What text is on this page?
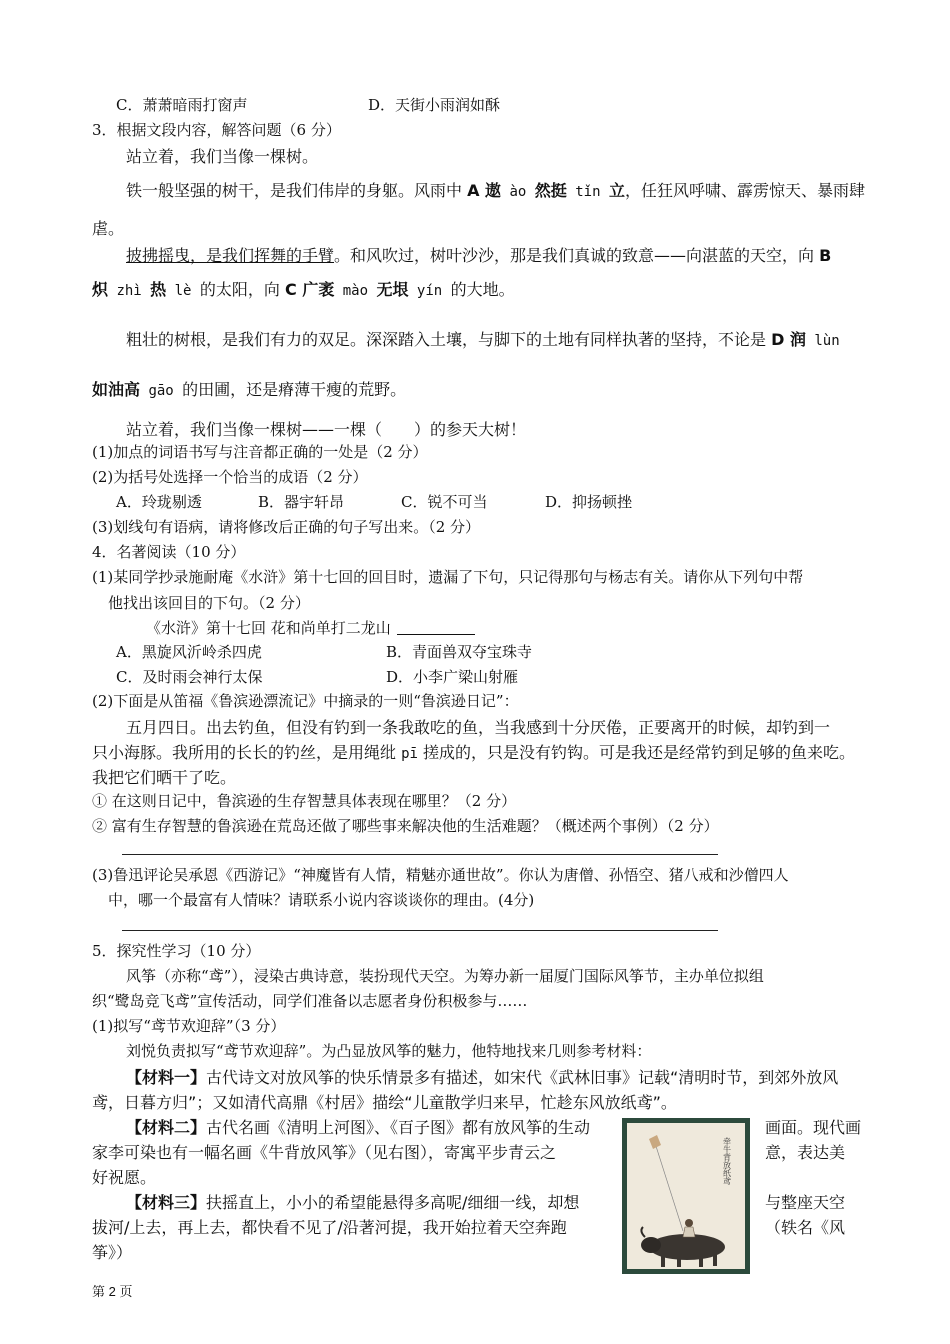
C．萧萧暗雨打窗声	D．天街小雨润如酥
3．根据文段内容，解答问题（6 分）
站立着，我们当像一棵树。
铁一般坚强的树干，是我们伟岸的身躯。风雨中 A 遨 ào 然挺 tǐn 立，任狂风呼啸、霹雳惊天、暴雨肆
虐。
披拂摇曳，是我们挥舞的手臂。和风吹过，树叶沙沙，那是我们真诚的致意——向湛蓝的天空，向 B
炽 zhì 热 lè 的太阳，向 C 广袤 mào 无垠 yín 的大地。
粗壮的树根，是我们有力的双足。深深踏入土壤，与脚下的土地有同样执著的坚持，不论是 D 润 lùn
如油高 gāo 的田圃，还是瘠薄干瘦的荒野。
站立着，我们当像一棵树——一棵（　　）的参天大树！
(1)加点的词语书写与注音都正确的一处是（2 分）
(2)为括号处选择一个恰当的成语（2 分）
A．玲珑剔透	B．器宇轩昂	C．锐不可当	D．抑扬顿挫
(3)划线句有语病，请将修改后正确的句子写出来。（2 分）
4．名著阅读（10 分）
(1)某同学抄录施耐庵《水浒》第十七回的回目时，遗漏了下句，只记得那句与杨志有关。请你从下列句中帮
他找出该回目的下句。（2 分）
《水浒》第十七回 花和尚单打二龙山
A．黑旋风沂岭杀四虎	B．青面兽双夺宝珠寺
C．及时雨会神行太保	D．小李广梁山射雁
(2)下面是从笛福《鲁滨逊漂流记》中摘录的一则“鲁滨逊日记”：
五月四日。出去钓鱼，但没有钓到一条我敢吃的鱼，当我感到十分厌倦，正要离开的时候，却钓到一
只小海豚。我所用的长长的钓丝，是用绳纰 pī 搓成的，只是没有钓钩。可是我还是经常钓到足够的鱼来吃。
我把它们晒干了吃。
① 在这则日记中，鲁滨逊的生存智慧具体表现在哪里？（2 分）
② 富有生存智慧的鲁滨逊在荒岛还做了哪些事来解决他的生活难题？（概述两个事例）（2 分）
(3)鲁迅评论吴承恩《西游记》“神魔皆有人情，精魅亦通世故”。你认为唐僧、孙悟空、猪八戒和沙僧四人
中，哪一个最富有人情味？请联系小说内容谈谈你的理由。(4分)
5．探究性学习（10 分）
风筝（亦称“鸢”），浸染古典诗意，装扮现代天空。为筹办新一届厦门国际风筝节，主办单位拟组
织“鹭岛竞飞鸢”宣传活动，同学们准备以志愿者身份积极参与……
(1)拟写“鸢节欢迎辞”（3 分）
刘悦负责拟写“鸢节欢迎辞”。为凸显放风筝的魅力，他特地找来几则参考材料：
【材料一】古代诗文对放风筝的快乐情景多有描述，如宋代《武林旧事》记载“清明时节，到郊外放风
鸢，日暮方归”；又如清代高鼎《村居》描绘“儿童散学归来早，忙趁东风放纸鸢”。
【材料二】古代名画《清明上河图》、《百子图》都有放风筝的生动	画面。现代画
家李可染也有一幅名画《牛背放风筝》（见右图），寄寓平步青云之	意，表达美
好祝愿。
【材料三】扶摇直上，小小的希望能悬得多高呢/细细一线，却想	与整座天空
拔河/上去，再上去，都快看不见了/沿著河提，我开始拉着天空奔跑	（轶名《风
筝》）
牵牛背放纸鸢
第 2 页
